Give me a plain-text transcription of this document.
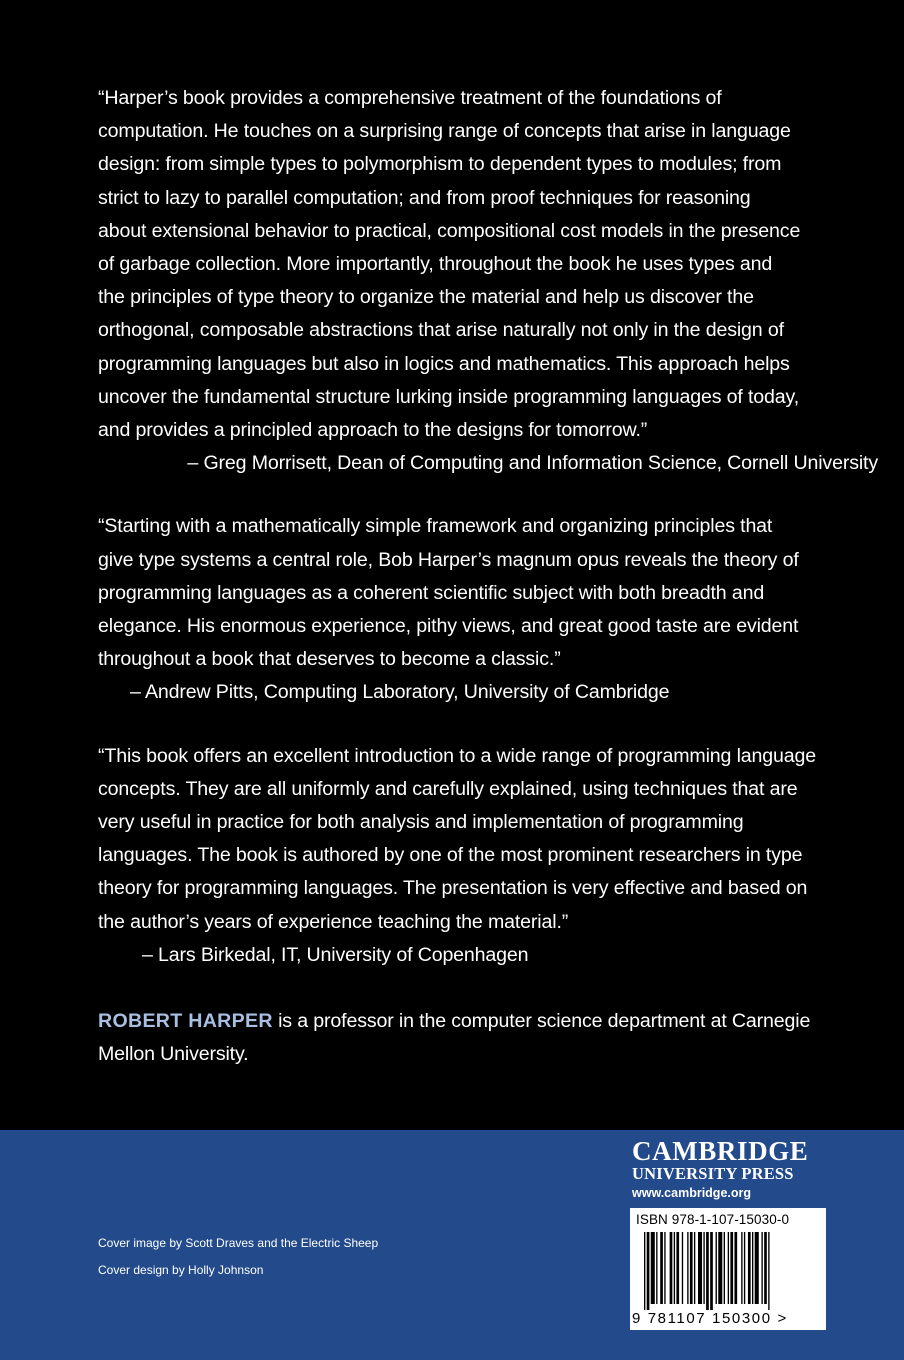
“Harper’s book provides a comprehensive treatment of the foundations of

computation. He touches on a surprising range of concepts that arise in language

design: from simple types to polymorphism to dependent types to modules; from

strict to lazy to parallel computation; and from proof techniques for reasoning

about extensional behavior to practical, compositional cost models in the presence

of garbage collection. More importantly, throughout the book he uses types and

the principles of type theory to organize the material and help us discover the

orthogonal, composable abstractions that arise naturally not only in the design of

programming languages but also in logics and mathematics. This approach helps

uncover the fundamental structure lurking inside programming languages of today,

and provides a principled approach to the designs for tomorrow.”

– Greg Morrisett, Dean of Computing and Information Science, Cornell University

“Starting with a mathematically simple framework and organizing principles that

give type systems a central role, Bob Harper’s magnum opus reveals the theory of

programming languages as a coherent scientific subject with both breadth and

elegance. His enormous experience, pithy views, and great good taste are evident

throughout a book that deserves to become a classic.”

– Andrew Pitts, Computing Laboratory, University of Cambridge

“This book offers an excellent introduction to a wide range of programming language

concepts. They are all uniformly and carefully explained, using techniques that are

very useful in practice for both analysis and implementation of programming

languages. The book is authored by one of the most prominent researchers in type

theory for programming languages. The presentation is very effective and based on

the author’s years of experience teaching the material.”

– Lars Birkedal, IT, University of Copenhagen

ROBERT HARPER is a professor in the computer science department at Carnegie

Mellon University.

Cover image by Scott Draves and the Electric Sheep
Cover design by Holly Johnson
CAMBRIDGE
UNIVERSITY PRESS
www.cambridge.org
ISBN 978-1-107-15030-0
9 781107 150300 >
